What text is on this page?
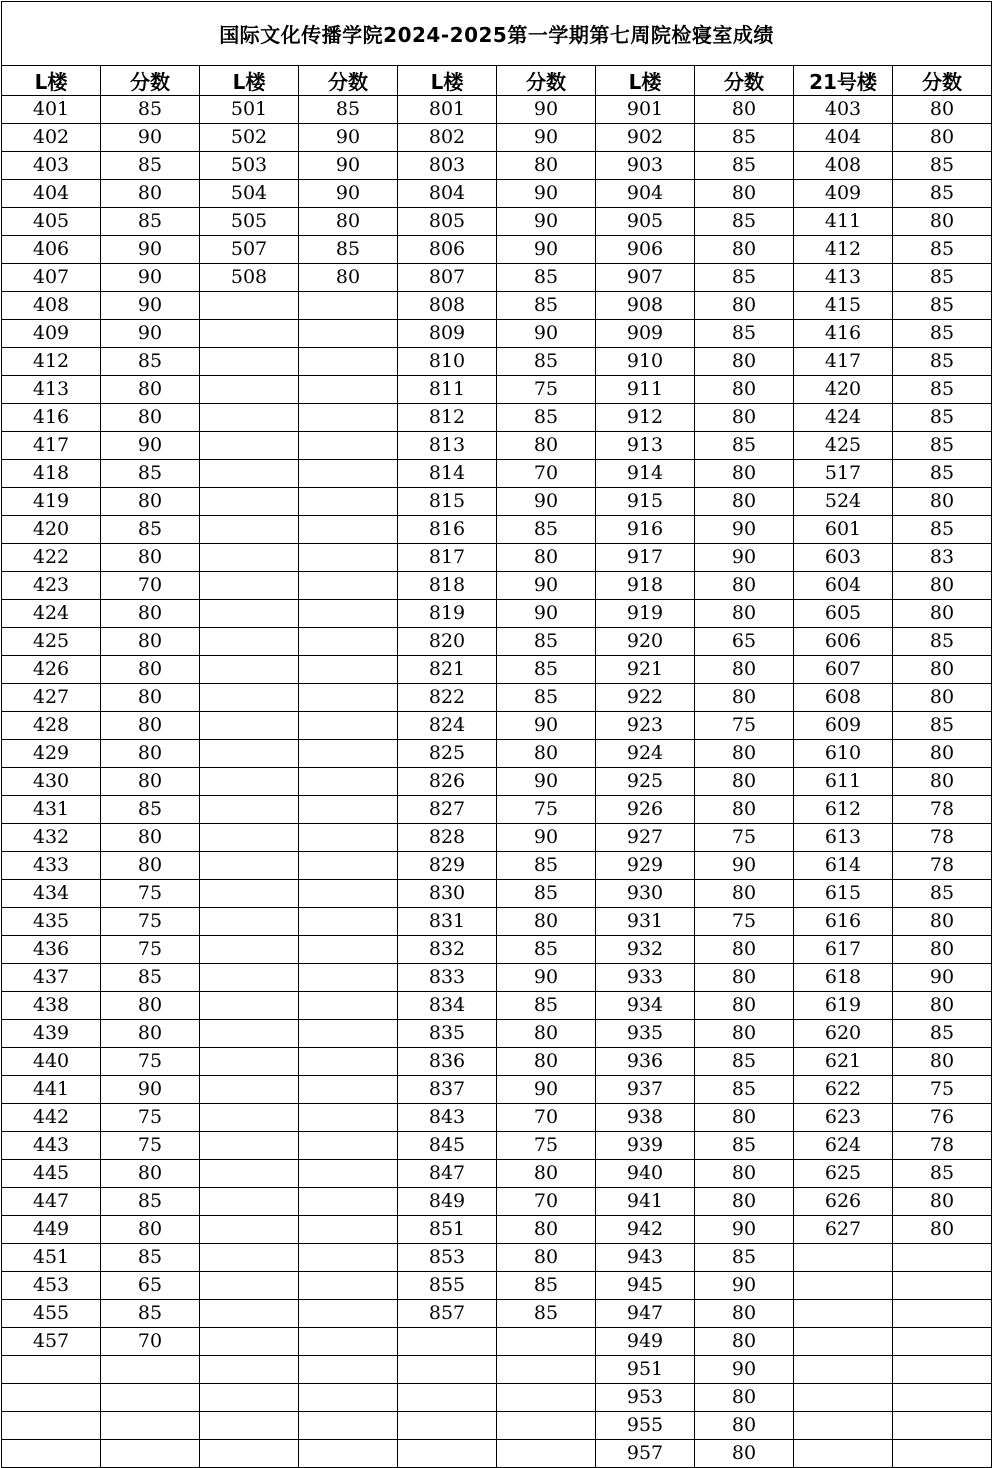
国际文化传播学院2024-2025第一学期第七周院检寝室成绩									
L楼	分数	L楼	分数	L楼	分数	L楼	分数	21号楼	分数
401	85	501	85	801	90	901	80	403	80
402	90	502	90	802	90	902	85	404	80
403	85	503	90	803	80	903	85	408	85
404	80	504	90	804	90	904	80	409	85
405	85	505	80	805	90	905	85	411	80
406	90	507	85	806	90	906	80	412	85
407	90	508	80	807	85	907	85	413	85
408	90			808	85	908	80	415	85
409	90			809	90	909	85	416	85
412	85			810	85	910	80	417	85
413	80			811	75	911	80	420	85
416	80			812	85	912	80	424	85
417	90			813	80	913	85	425	85
418	85			814	70	914	80	517	85
419	80			815	90	915	80	524	80
420	85			816	85	916	90	601	85
422	80			817	80	917	90	603	83
423	70			818	90	918	80	604	80
424	80			819	90	919	80	605	80
425	80			820	85	920	65	606	85
426	80			821	85	921	80	607	80
427	80			822	85	922	80	608	80
428	80			824	90	923	75	609	85
429	80			825	80	924	80	610	80
430	80			826	90	925	80	611	80
431	85			827	75	926	80	612	78
432	80			828	90	927	75	613	78
433	80			829	85	929	90	614	78
434	75			830	85	930	80	615	85
435	75			831	80	931	75	616	80
436	75			832	85	932	80	617	80
437	85			833	90	933	80	618	90
438	80			834	85	934	80	619	80
439	80			835	80	935	80	620	85
440	75			836	80	936	85	621	80
441	90			837	90	937	85	622	75
442	75			843	70	938	80	623	76
443	75			845	75	939	85	624	78
445	80			847	80	940	80	625	85
447	85			849	70	941	80	626	80
449	80			851	80	942	90	627	80
451	85			853	80	943	85		
453	65			855	85	945	90		
455	85			857	85	947	80		
457	70					949	80		
						951	90		
						953	80		
						955	80		
						957	80		
